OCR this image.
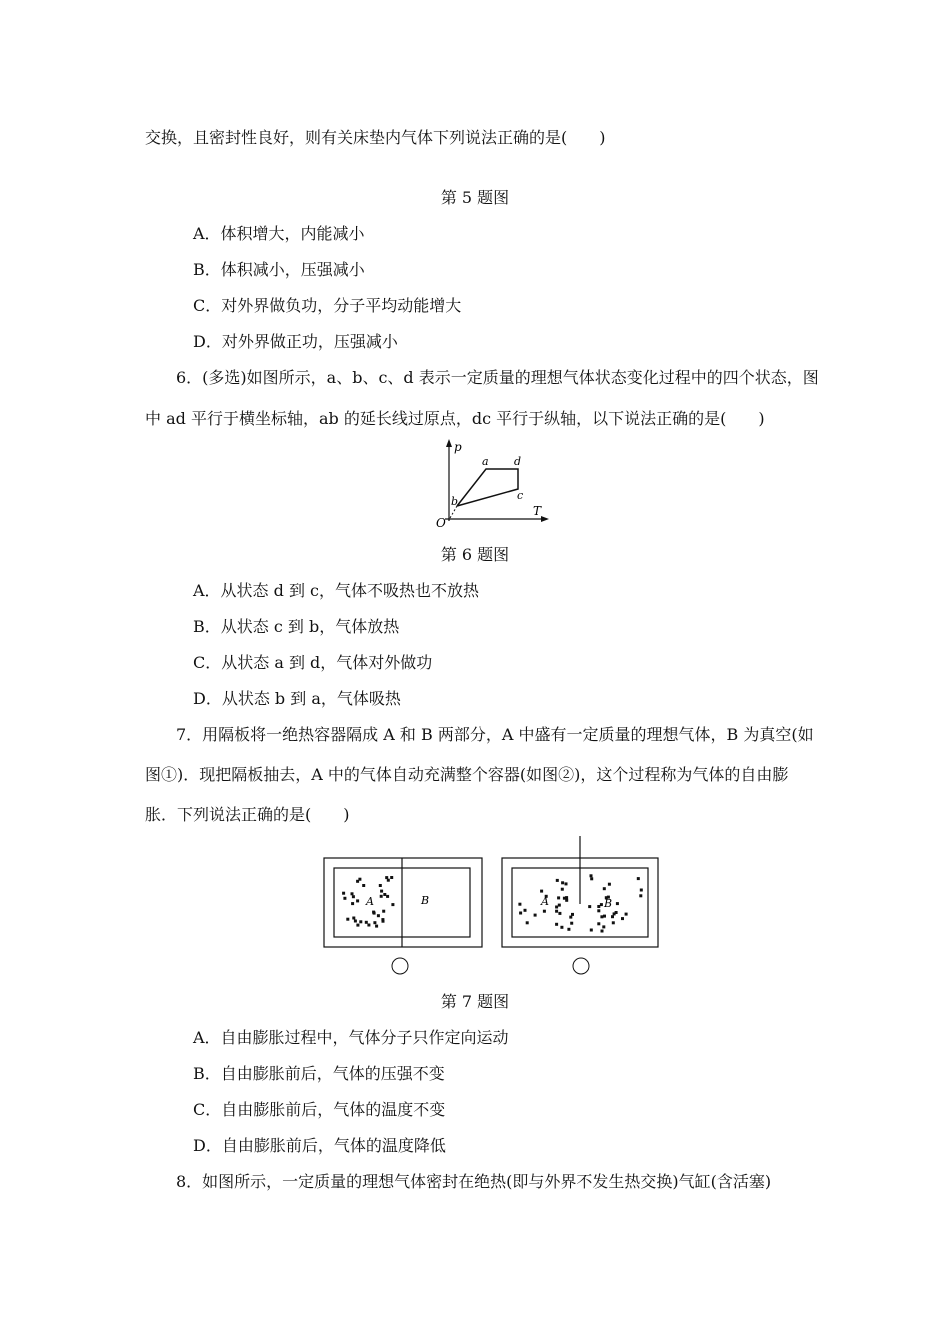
交换，且密封性良好，则有关床垫内气体下列说法正确的是(　　)
第 5 题图
A．体积增大，内能减小
B．体积减小，压强减小
C．对外界做负功，分子平均动能增大
D．对外界做正功，压强减小
6．(多选)如图所示，a、b、c、d 表示一定质量的理想气体状态变化过程中的四个状态，图
中 ad 平行于横坐标轴，ab 的延长线过原点，dc 平行于纵轴，以下说法正确的是(　　)
p
T
O
a
b	c
d
第 6 题图
A．从状态 d 到 c，气体不吸热也不放热
B．从状态 c 到 b，气体放热
C．从状态 a 到 d，气体对外做功
D．从状态 b 到 a，气体吸热
7．用隔板将一绝热容器隔成 A 和 B 两部分，A 中盛有一定质量的理想气体，B 为真空(如
图①)．现把隔板抽去，A 中的气体自动充满整个容器(如图②)，这个过程称为气体的自由膨
胀．下列说法正确的是(　　)
A	B	A	B
第 7 题图
A．自由膨胀过程中，气体分子只作定向运动
B．自由膨胀前后，气体的压强不变
C．自由膨胀前后，气体的温度不变
D．自由膨胀前后，气体的温度降低
8．如图所示，一定质量的理想气体密封在绝热(即与外界不发生热交换)气缸(含活塞)
